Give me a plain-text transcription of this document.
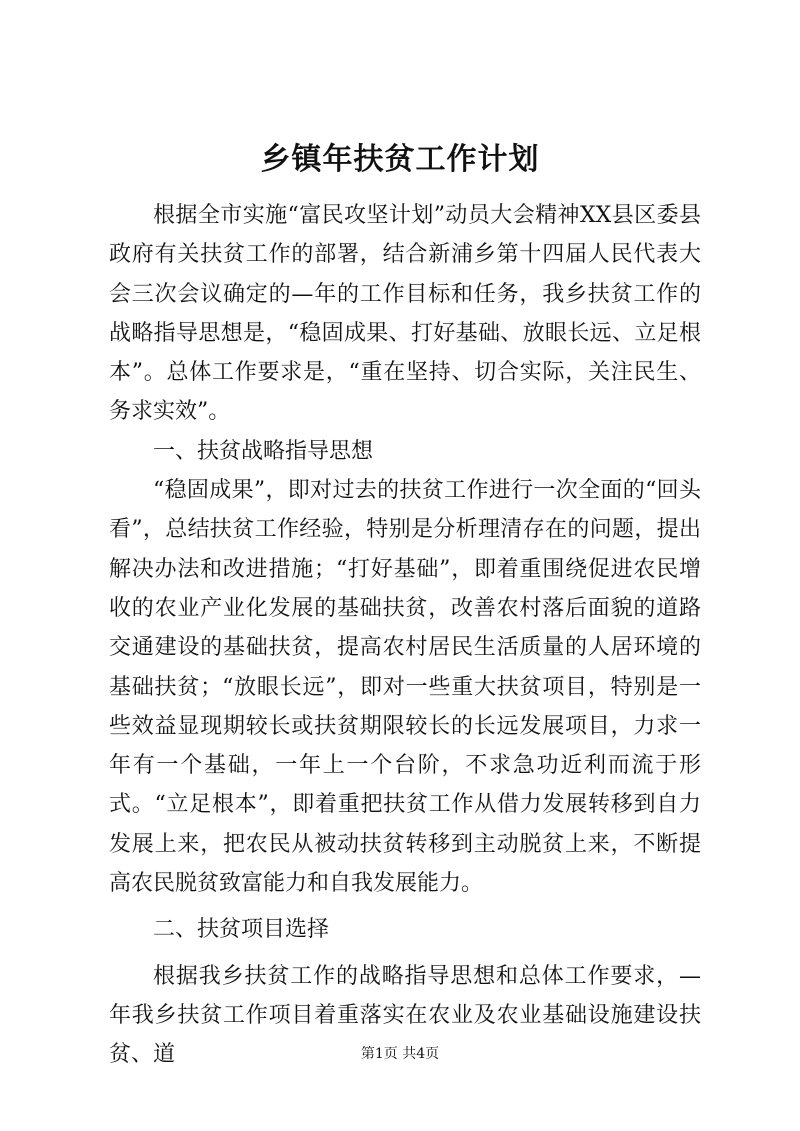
乡镇年扶贫工作计划

根据全市实施“富民攻坚计划”动员大会精神XX县区委县政府有关扶贫工作的部署，结合新浦乡第十四届人民代表大会三次会议确定的—年的工作目标和任务，我乡扶贫工作的战略指导思想是，“稳固成果、打好基础、放眼长远、立足根本”。总体工作要求是，“重在坚持、切合实际，关注民生、务求实效”。

一、扶贫战略指导思想

“稳固成果”，即对过去的扶贫工作进行一次全面的“回头看”，总结扶贫工作经验，特别是分析理清存在的问题，提出解决办法和改进措施；“打好基础”，即着重围绕促进农民增收的农业产业化发展的基础扶贫，改善农村落后面貌的道路交通建设的基础扶贫，提高农村居民生活质量的人居环境的基础扶贫；“放眼长远”，即对一些重大扶贫项目，特别是一些效益显现期较长或扶贫期限较长的长远发展项目，力求一年有一个基础，一年上一个台阶，不求急功近利而流于形式。“立足根本”，即着重把扶贫工作从借力发展转移到自力发展上来，把农民从被动扶贫转移到主动脱贫上来，不断提高农民脱贫致富能力和自我发展能力。

二、扶贫项目选择

根据我乡扶贫工作的战略指导思想和总体工作要求，—年我乡扶贫工作项目着重落实在农业及农业基础设施建设扶贫、道	第1页 共4页
